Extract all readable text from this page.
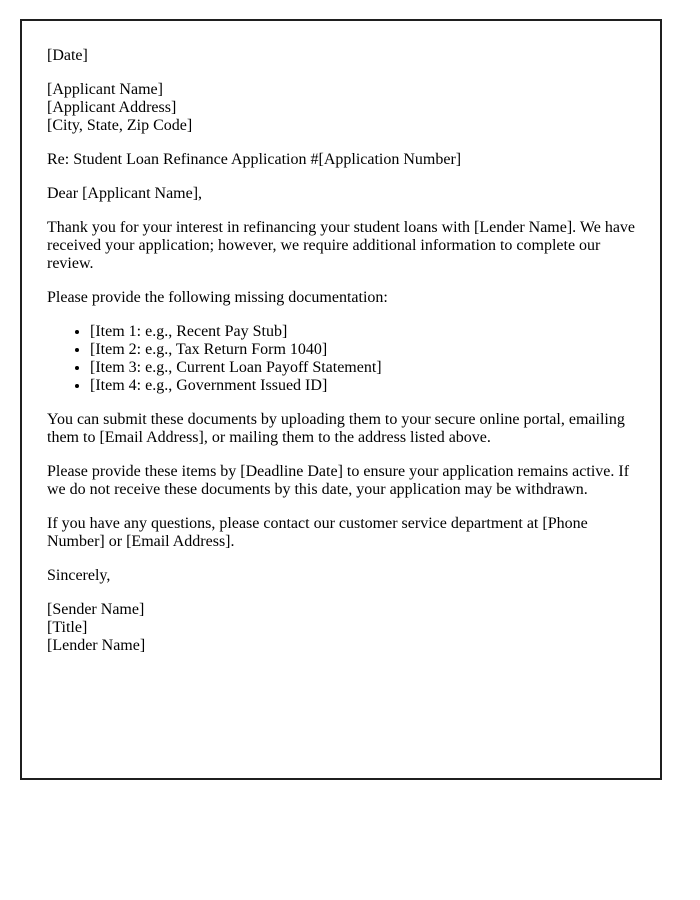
[Date]

[Applicant Name]
[Applicant Address]
[City, State, Zip Code]

Re: Student Loan Refinance Application #[Application Number]

Dear [Applicant Name],

Thank you for your interest in refinancing your student loans with [Lender Name]. We have received your application; however, we require additional information to complete our review.

Please provide the following missing documentation:

• [Item 1: e.g., Recent Pay Stub]
• [Item 2: e.g., Tax Return Form 1040]
• [Item 3: e.g., Current Loan Payoff Statement]
• [Item 4: e.g., Government Issued ID]

You can submit these documents by uploading them to your secure online portal, emailing them to [Email Address], or mailing them to the address listed above.

Please provide these items by [Deadline Date] to ensure your application remains active. If we do not receive these documents by this date, your application may be withdrawn.

If you have any questions, please contact our customer service department at [Phone Number] or [Email Address].

Sincerely,

[Sender Name]
[Title]
[Lender Name]
